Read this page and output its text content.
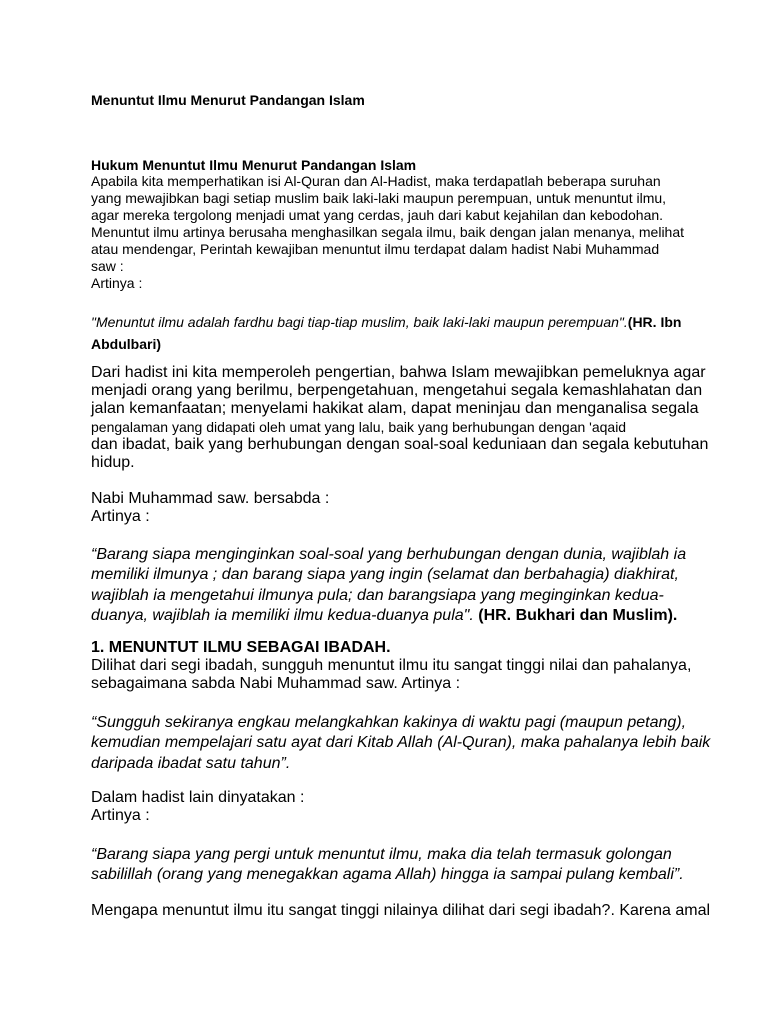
Menuntut Ilmu Menurut Pandangan Islam
Hukum Menuntut Ilmu Menurut Pandangan Islam
Apabila kita memperhatikan isi Al-Quran dan Al-Hadist, maka terdapatlah beberapa suruhan
yang mewajibkan bagi setiap muslim baik laki-laki maupun perempuan, untuk menuntut ilmu,
agar mereka tergolong menjadi umat yang cerdas, jauh dari kabut kejahilan dan kebodohan.
Menuntut ilmu artinya berusaha menghasilkan segala ilmu, baik dengan jalan menanya, melihat
atau mendengar, Perintah kewajiban menuntut ilmu terdapat dalam hadist Nabi Muhammad
saw :
Artinya :
"Menuntut ilmu adalah fardhu bagi tiap-tiap muslim, baik laki-laki maupun perempuan".(HR. Ibn
Abdulbari)
Dari hadist ini kita memperoleh pengertian, bahwa Islam mewajibkan pemeluknya agar
menjadi orang yang berilmu, berpengetahuan, mengetahui segala kemashlahatan dan
jalan kemanfaatan; menyelami hakikat alam, dapat meninjau dan menganalisa segala
pengalaman yang didapati oleh umat yang lalu, baik yang berhubungan dengan 'aqaid
dan ibadat, baik yang berhubungan dengan soal-soal keduniaan dan segala kebutuhan
hidup.
Nabi Muhammad saw. bersabda :
Artinya :
“Barang siapa menginginkan soal-soal yang berhubungan dengan dunia, wajiblah ia
memiliki ilmunya ; dan barang siapa yang ingin (selamat dan berbahagia) diakhirat,
wajiblah ia mengetahui ilmunya pula; dan barangsiapa yang meginginkan kedua-
duanya, wajiblah ia memiliki ilmu kedua-duanya pula". (HR. Bukhari dan Muslim).
1. MENUNTUT ILMU SEBAGAI IBADAH.
Dilihat dari segi ibadah, sungguh menuntut ilmu itu sangat tinggi nilai dan pahalanya,
sebagaimana sabda Nabi Muhammad saw. Artinya :
“Sungguh sekiranya engkau melangkahkan kakinya di waktu pagi (maupun petang),
kemudian mempelajari satu ayat dari Kitab Allah (Al-Quran), maka pahalanya lebih baik
daripada ibadat satu tahun”.
Dalam hadist lain dinyatakan :
Artinya :
“Barang siapa yang pergi untuk menuntut ilmu, maka dia telah termasuk golongan
sabilillah (orang yang menegakkan agama Allah) hingga ia sampai pulang kembali”.
Mengapa menuntut ilmu itu sangat tinggi nilainya dilihat dari segi ibadah?. Karena amal
